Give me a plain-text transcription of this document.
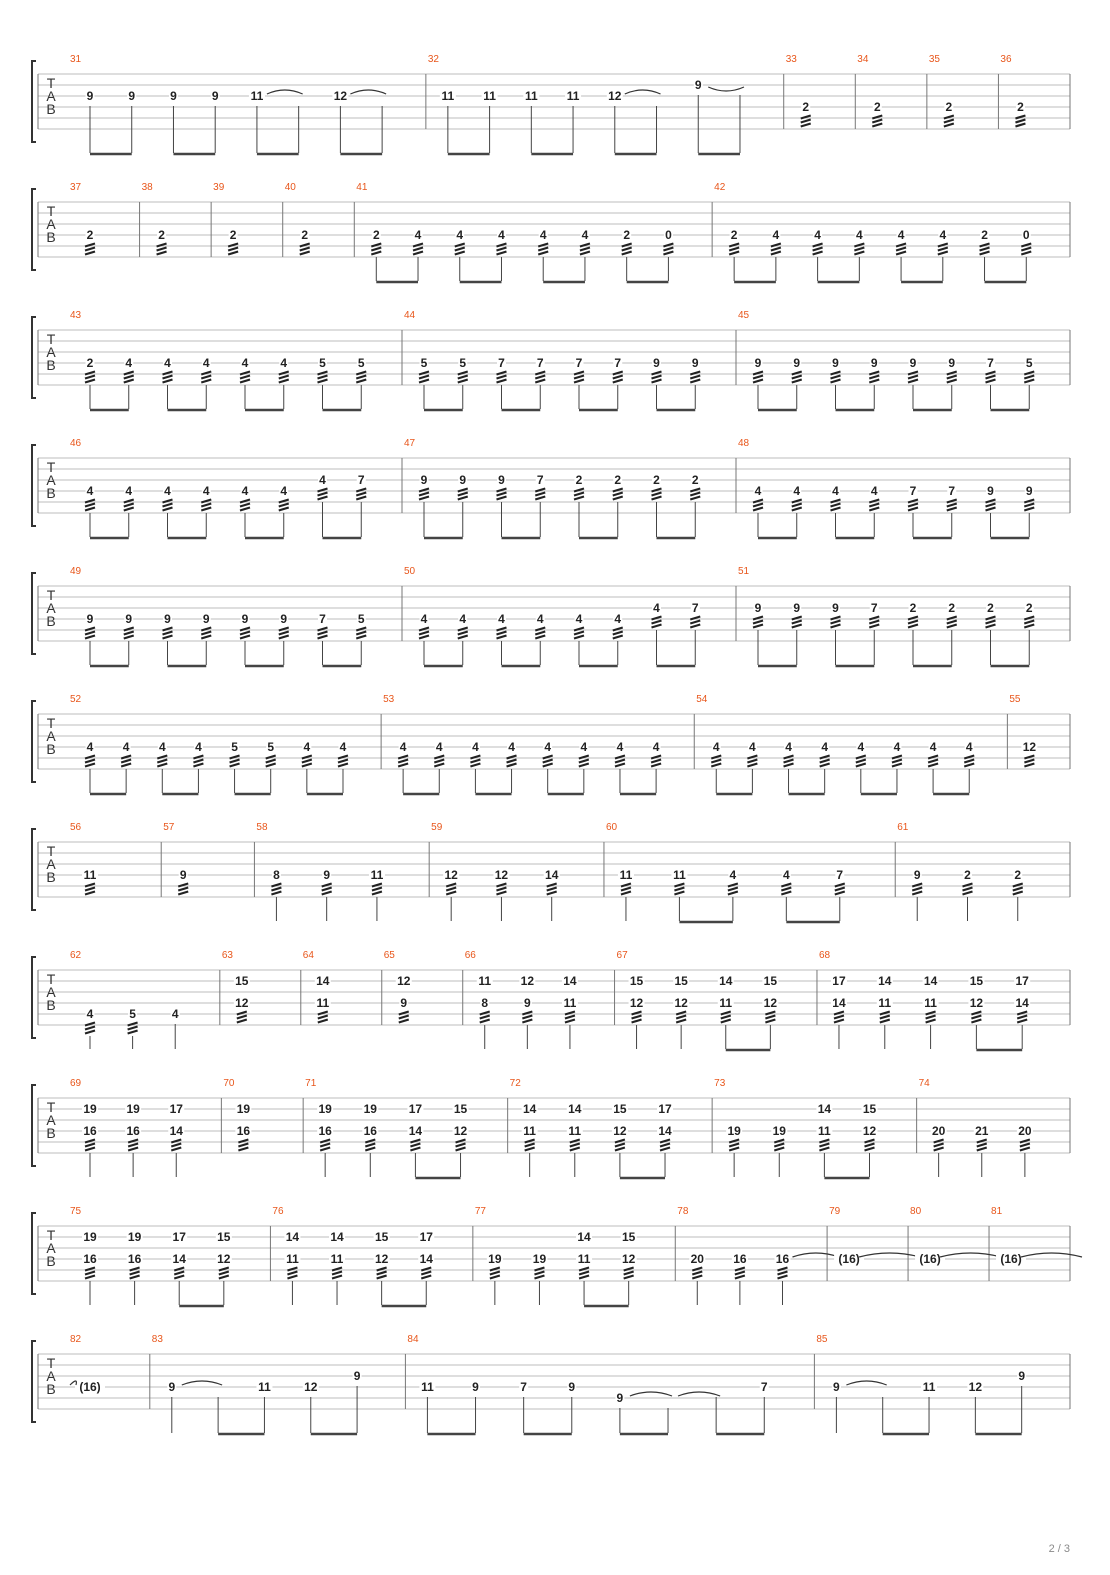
T
A
B
31
9	9	9	9	11	12
32
11 11 11 11 12
9
33
2
34
2
35
2
36
2
T
A
B
37
2
38
2
39
2
40
2
41
2	4	4	4	4	4	2	0
42
2	4	4	4	4	4	2	0
T
A
B
43
2	4	4	4	4	4	5	5
44
5	5	7	7	7	7	9	9
45
9	9	9	9	9	9	7	5
T
A
B
46
4	4	4	4	4	4
4	7
47
9	9	9	7	2	2	2	2
48
4	4	4	4	7	7	9	9
T
A
B
49
9	9	9	9	9	9	7	5
50
4	4	4	4	4	4
4	7
51
9	9	9	7	2	2	2	2
T
A
B
52
4 4 4 4 5 5 4 4
53
4 4 4 4 4 4 4 4
54
4 4 4 4 4 4 4 4
55
12
T
A
B
56
11
57
9
58
8	9	11
59
12	12	14
60
11	11	4	4	7
61
9	2	2
T
A
B
62
4	5	4
63
15
12
64
14
11
65
12
9
66
11
8
12
9
14
11
67
15
12
15
12
14
11
15
12
68
17
14
14
11
14
11
15
12
17
14
T
A
B
69
19
16
19
16
17
14
70
19
16
71
19
16
19
16
17
14
15
12
72
14
11
14
11
15
12
17
14
73
19	19
14
11
15
12
74
20 21 20
T
A
B
75
19
16
19
16
17
14
15
12
76
14
11
14
11
15
12
17
14
77
19	19
14
11
15
12
78
20 16 16
79
(16)
80
(16)
81
(16)
T
A
B
82
(16)
83
9	11	12
9
84
11	9	7	9
9
7
85
9	11	12
9
2 / 3
